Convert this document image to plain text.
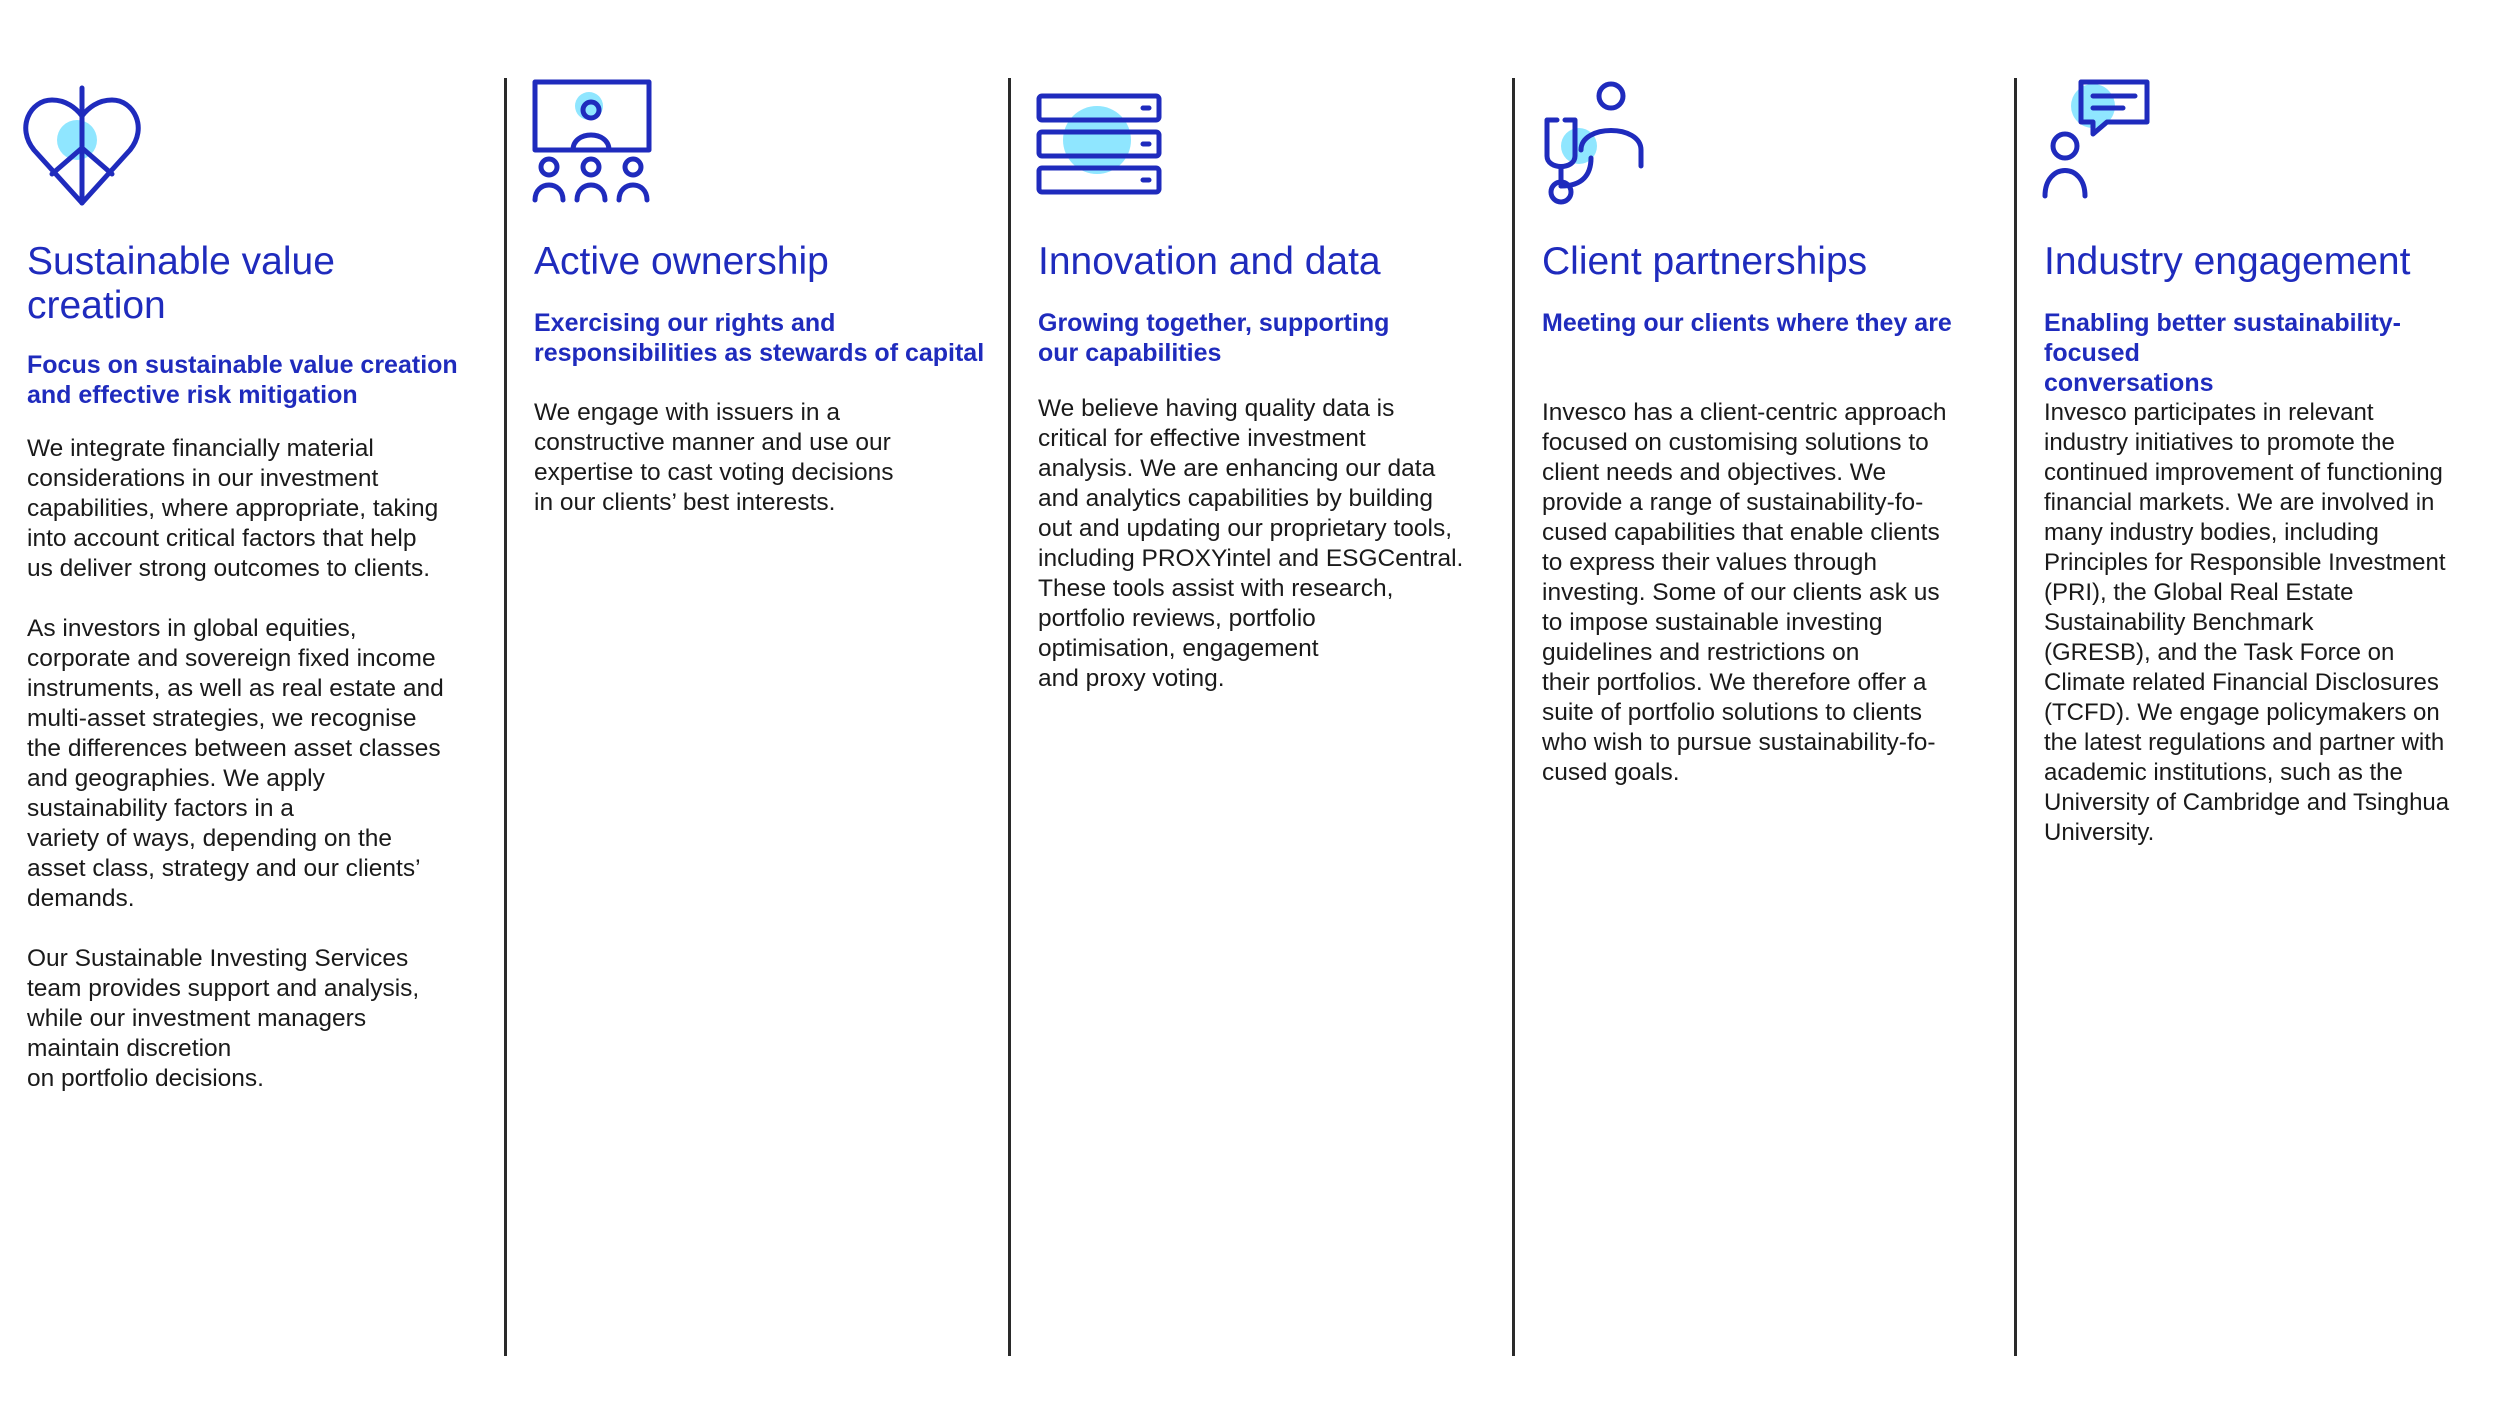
Sustainable value
creation
Focus on sustainable value creation
and effective risk mitigation
We integrate financially material
considerations in our investment
capabilities, where appropriate, taking
into account critical factors that help
us deliver strong outcomes to clients.

As investors in global equities,
corporate and sovereign fixed income
instruments, as well as real estate and
multi-asset strategies, we recognise
the differences between asset classes
and geographies. We apply
sustainability factors in a
variety of ways, depending on the
asset class, strategy and our clients’
demands.

Our Sustainable Investing Services
team provides support and analysis,
while our investment managers
maintain discretion
on portfolio decisions.
Active ownership
Exercising our rights and
responsibilities as stewards of capital
We engage with issuers in a
constructive manner and use our
expertise to cast voting decisions
in our clients’ best interests.
Innovation and data
Growing together, supporting
our capabilities
We believe having quality data is
critical for effective investment
analysis. We are enhancing our data
and analytics capabilities by building
out and updating our proprietary tools,
including PROXYintel and ESGCentral.
These tools assist with research,
portfolio reviews, portfolio
optimisation, engagement
and proxy voting.
Client partnerships
Meeting our clients where they are
Invesco has a client-centric approach
focused on customising solutions to
client needs and objectives. We
provide a range of sustainability-fo-
cused capabilities that enable clients
to express their values through
investing. Some of our clients ask us
to impose sustainable investing
guidelines and restrictions on
their portfolios. We therefore offer a
suite of portfolio solutions to clients
who wish to pursue sustainability-fo-
cused goals.
Industry engagement
Enabling better sustainability-focused
conversations
Invesco participates in relevant
industry initiatives to promote the
continued improvement of functioning
financial markets. We are involved in
many industry bodies, including
Principles for Responsible Investment
(PRI), the Global Real Estate
Sustainability Benchmark
(GRESB), and the Task Force on
Climate related Financial Disclosures
(TCFD). We engage policymakers on
the latest regulations and partner with
academic institutions, such as the
University of Cambridge and Tsinghua
University.
